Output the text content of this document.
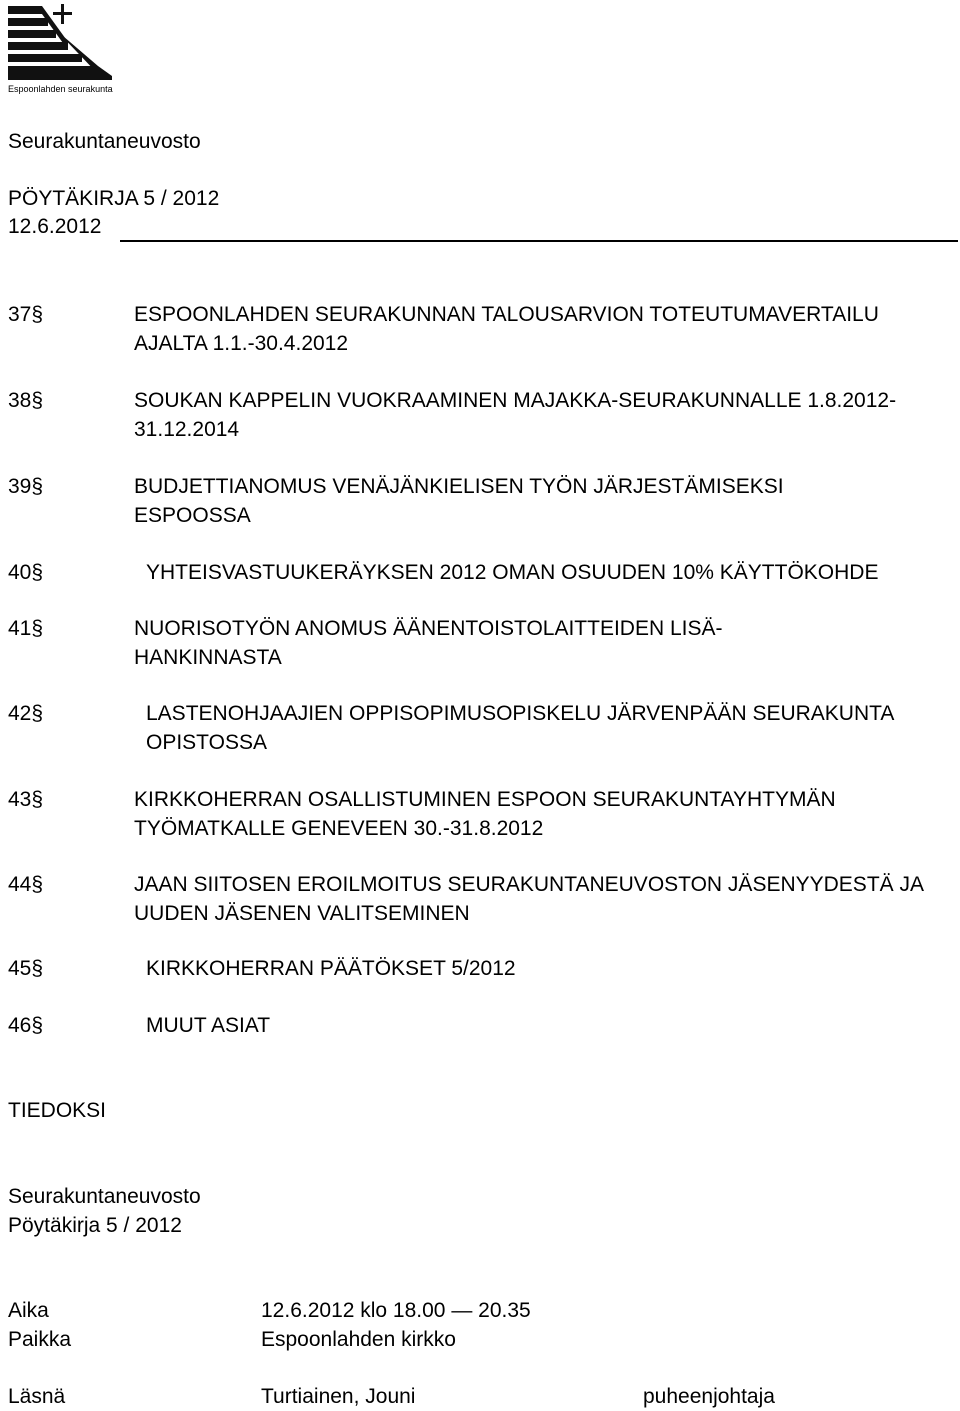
Espoonlahden seurakunta
Seurakuntaneuvosto
PÖYTÄKIRJA 5 / 2012
12.6.2012
37§	ESPOONLAHDEN SEURAKUNNAN TALOUSARVION TOTEUTUMAVERTAILU
AJALTA 1.1.-30.4.2012
38§	SOUKAN KAPPELIN VUOKRAAMINEN MAJAKKA-SEURAKUNNALLE 1.8.2012-
31.12.2014
39§	BUDJETTIANOMUS VENÄJÄNKIELISEN TYÖN JÄRJESTÄMISEKSI
ESPOOSSA
40§	YHTEISVASTUUKERÄYKSEN 2012 OMAN OSUUDEN 10% KÄYTTÖKOHDE
41§	NUORISOTYÖN ANOMUS ÄÄNENTOISTOLAITTEIDEN LISÄ-
HANKINNASTA
42§	LASTENOHJAAJIEN OPPISOPIMUSOPISKELU JÄRVENPÄÄN SEURAKUNTA
OPISTOSSA
43§	KIRKKOHERRAN OSALLISTUMINEN ESPOON SEURAKUNTAYHTYMÄN
TYÖMATKALLE GENEVEEN 30.-31.8.2012
44§	JAAN SIITOSEN EROILMOITUS SEURAKUNTANEUVOSTON JÄSENYYDESTÄ JA
UUDEN JÄSENEN VALITSEMINEN
45§	KIRKKOHERRAN PÄÄTÖKSET 5/2012
46§	MUUT ASIAT
TIEDOKSI
Seurakuntaneuvosto
Pöytäkirja 5 / 2012
Aika	12.6.2012 klo 18.00 — 20.35
Paikka	Espoonlahden kirkko
Läsnä	Turtiainen, Jouni	puheenjohtaja
